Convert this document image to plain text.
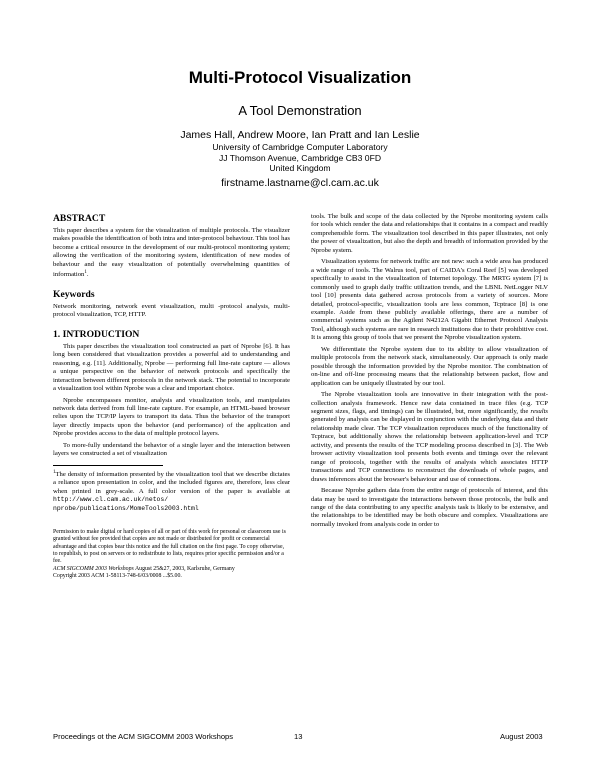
Multi-Protocol Visualization
A Tool Demonstration
James Hall, Andrew Moore, Ian Pratt and Ian Leslie
University of Cambridge Computer Laboratory
JJ Thomson Avenue, Cambridge CB3 0FD
United Kingdom
firstname.lastname@cl.cam.ac.uk
ABSTRACT

This paper describes a system for the visualization of multiple protocols. The visualizer makes possible the identification of both intra and inter-protocol behaviour. This tool has become a critical resource in the development of our multi-protocol monitoring system; allowing the verification of the monitoring system, identification of new modes of behaviour and the easy visualization of potentially overwhelming quantities of information$^1$.

Keywords

Network monitoring, network event visualization, multi -protocol analysis, multi-protocol visualization, TCP, HTTP.

1. INTRODUCTION

This paper describes the visualization tool constructed as part of Nprobe [6]. It has long been considered that visualization provides a powerful aid to understanding and reasoning, e.g. [11]. Additionally, Nprobe — performing full line-rate capture — allows a unique perspective on the behavior of network protocols and specifically the interaction between different protocols in the network stack. The potential to incorporate a visualization tool within Nprobe was a clear and important choice.

Nprobe encompasses monitor, analysis and visualization tools, and manipulates network data derived from full line-rate capture. For example, an HTML-based browser relies upon the TCP/IP layers to transport its data. Thus the behavior of the transport layer directly impacts upon the behavior (and performance) of the application and Nprobe provides access to the data of multiple protocol layers.

To more-fully understand the behavior of a single layer and the interaction between layers we constructed a set of visualization

$^1$The density of information presented by the visualization tool that we describe dictates a reliance upon presentation in color, and the included figures are, therefore, less clear when printed in grey-scale. A full color version of the paper is available at http://www.cl.cam.ac.uk/netos/
nprobe/publications/MomeTools2003.html

Permission to make digital or hard copies of all or part of this work for personal or classroom use is granted without fee provided that copies are not made or distributed for profit or commercial advantage and that copies bear this notice and the full citation on the first page. To copy otherwise, to republish, to post on servers or to redistribute to lists, requires prior specific permission and/or a fee.

ACM SIGCOMM 2003 Workshops August 25&27, 2003, Karlsruhe, Germany

Copyright 2003 ACM 1-58113-748-6/03/0008 ...$5.00.

tools. The bulk and scope of the data collected by the Nprobe monitoring system calls for tools which render the data and relationships that it contains in a compact and readily comprehensible form. The visualization tool described in this paper illustrates, not only the power of visualization, but also the depth and breadth of information provided by the Nprobe system.

Visualization systems for network traffic are not new: such a wide area has produced a wide range of tools. The Walrus tool, part of CAIDA's Coral Reef [5] was developed specifically to assist in the visualization of Internet topology. The MRTG system [7] is commonly used to graph daily traffic utilization trends, and the LBNL NetLogger NLV tool [10] presents data gathered across protocols from a variety of sources. More detailed, protocol-specific, visualization tools are less common, Tcptrace [8] is one example. Aside from these publicly available offerings, there are a number of commercial systems such as the Agilent N4212A Gigabit Ethernet Protocol Analysis Tool, although such systems are rare in research institutions due to their prohibitive cost. It is among this group of tools that we present the Nprobe visualization system.

We differentiate the Nprobe system due to its ability to allow visualization of multiple protocols from the network stack, simultaneously. Our approach is only made possible through the information provided by the Nprobe monitor. The combination of on-line and off-line processing means that the relationship between packet, flow and application can be uniquely illustrated by our tool.

The Nprobe visualization tools are innovative in their integration with the post-collection analysis framework. Hence raw data contained in trace files (e.g. TCP segment sizes, flags, and timings) can be illustrated, but, more significantly, the results generated by analysis can be displayed in conjunction with the underlying data and their relationship made clear. The TCP visualization reproduces much of the functionality of Tcptrace, but additionally shows the relationship between application-level and TCP activity, and presents the results of the TCP modeling process described in [3]. The Web browser activity visualization tool presents both events and timings over the relevant range of protocols, together with the results of analysis which associates HTTP transactions and TCP connections to reconstruct the downloads of whole pages, and draws inferences about the browser's behaviour and use of connections.

Because Nprobe gathers data from the entire range of protocols of interest, and this data may be used to investigate the interactions between those protocols, the bulk and range of the data contributing to any specific analysis task is likely to be extensive, and the relationships to be identified may be both obscure and complex. Visualizations are normally invoked from analysis code in order to

Proceedings ot the ACM SIGCOMM 2003 Workshops	13	August 2003
